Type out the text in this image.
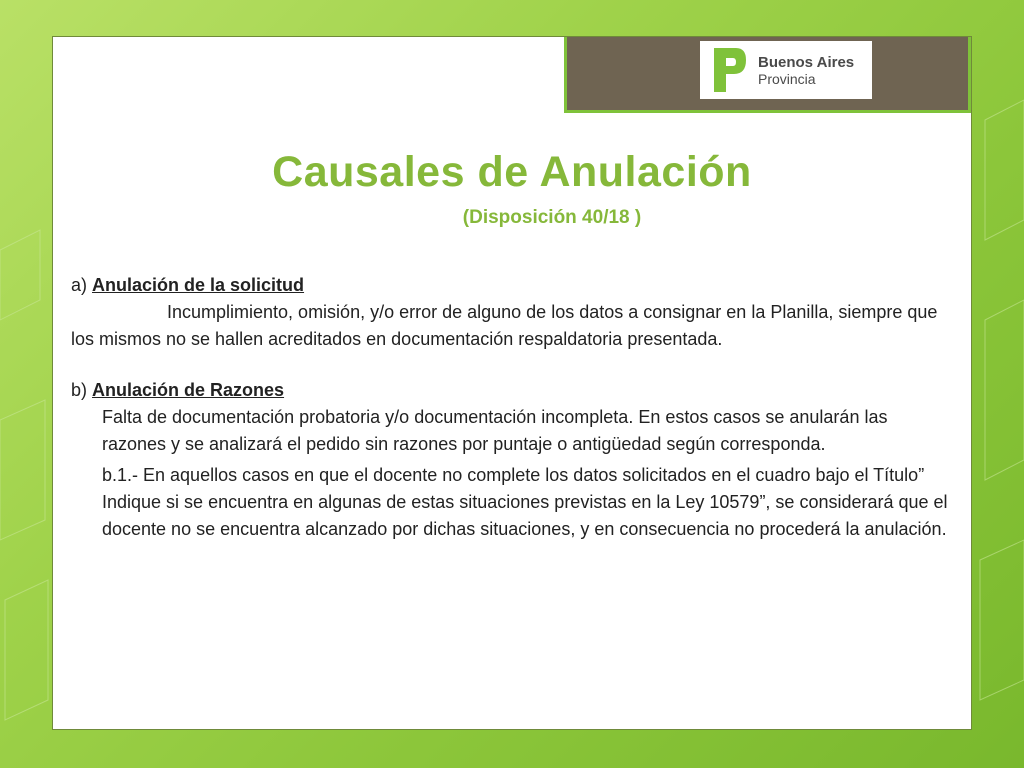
Buenos Aires
Provincia
Causales de Anulación
(Disposición 40/18 )

a) Anulación de la solicitud

Incumplimiento, omisión, y/o error de alguno de los datos a consignar en la Planilla, siempre que los mismos no se hallen acreditados en documentación respaldatoria presentada.

b) Anulación de Razones

Falta de documentación probatoria y/o documentación incompleta. En estos casos se anularán las razones y se analizará el pedido sin razones por puntaje o antigüedad según corresponda.

b.1.- En aquellos casos en que el docente no complete los datos solicitados en el cuadro bajo el Título” Indique si se encuentra en algunas de estas situaciones previstas en la Ley 10579”, se considerará que el docente no se encuentra alcanzado por dichas situaciones, y en consecuencia no procederá la anulación.
